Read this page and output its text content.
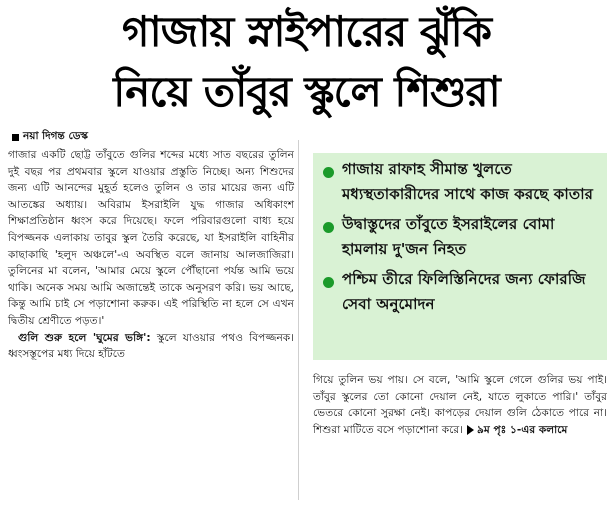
গাজায় স্নাইপারের ঝুঁকি
নিয়ে তাঁবুর স্কুলে শিশুরা
নয়া দিগন্ত ডেস্ক

গাজার একটি ছোট্ট তাঁবুতে গুলির শব্দের মধ্যে সাত বছরের তুলিন দুই বছর পর প্রথমবার স্কুলে যাওয়ার প্রস্তুতি নিচ্ছে। অন্য শিশুদের জন্য এটি আনন্দের মুহূর্ত হলেও তুলিন ও তার মায়ের জন্য এটি আতঙ্কের অধ্যায়। অবিরাম ইসরাইলি যুদ্ধ গাজার অধিকাংশ শিক্ষাপ্রতিষ্ঠান ধ্বংস করে দিয়েছে। ফলে পরিবারগুলো বাধ্য হয়ে বিপজ্জনক এলাকায় তাবুর স্কুল তৈরি করেছে, যা ইসরাইলি বাহিনীর কাছাকাছি 'হলুদ অঞ্চলে'-এ অবস্থিত বলে জানায় আলজাজিরা। তুলিনের মা বলেন, 'আমার মেয়ে স্কুলে পৌঁছানো পর্যন্ত আমি ভয়ে থাকি। অনেক সময় আমি অজান্তেই তাকে অনুসরণ করি। ভয় আছে, কিন্তু আমি চাই সে পড়াশোনা করুক। এই পরিস্থিতি না হলে সে এখন দ্বিতীয় শ্রেণীতে পড়ত।'

গুলি শুরু হলে 'ঘুমের ভঙ্গি': স্কুলে যাওয়ার পথও বিপজ্জনক। ধ্বংসস্তূপের মধ্য দিয়ে হাঁটতে

গাজায় রাফাহ সীমান্ত খুলতে মধ্যস্থতাকারীদের সাথে কাজ করছে কাতার
উদ্বাস্তুদের তাঁবুতে ইসরাইলের বোমা হামলায় দু'জন নিহত
পশ্চিম তীরে ফিলিস্তিনিদের জন্য ফোরজি সেবা অনুমোদন

গিয়ে তুলিন ভয় পায়। সে বলে, 'আমি স্কুলে গেলে গুলির ভয় পাই। তাঁবুর স্কুলের তো কোনো দেয়াল নেই, যাতে লুকাতে পারি।' তাঁবুর ভেতরে কোনো সুরক্ষা নেই। কাপড়ের দেয়াল গুলি ঠেকাতে পারে না। শিশুরা মাটিতে বসে পড়াশোনা করে। ৯ম পৃঃ ১-এর কলামে
